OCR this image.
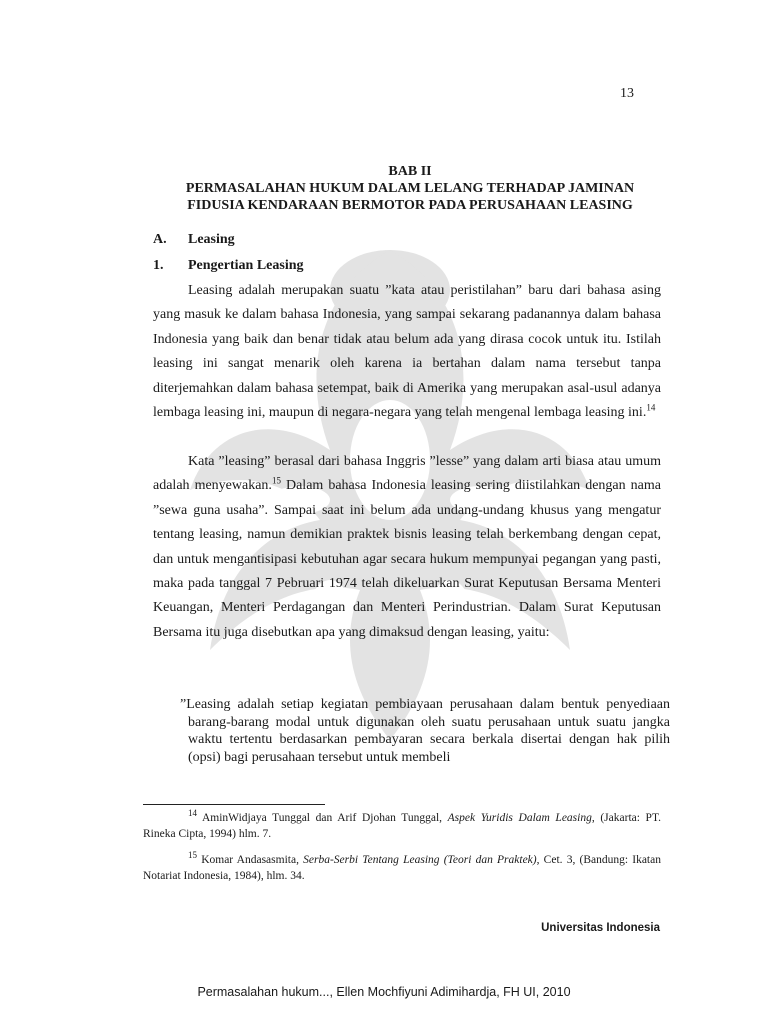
13
BAB II
PERMASALAHAN HUKUM DALAM LELANG TERHADAP JAMINAN
FIDUSIA KENDARAAN BERMOTOR PADA PERUSAHAAN LEASING
A. Leasing
1. Pengertian Leasing

Leasing adalah merupakan suatu ”kata atau peristilahan” baru dari bahasa asing yang masuk ke dalam bahasa Indonesia, yang sampai sekarang padanannya dalam bahasa Indonesia yang baik dan benar tidak atau belum ada yang dirasa cocok untuk itu. Istilah leasing ini sangat menarik oleh karena ia bertahan dalam nama tersebut tanpa diterjemahkan dalam bahasa setempat, baik di Amerika yang merupakan asal-usul adanya lembaga leasing ini, maupun di negara-negara yang telah mengenal lembaga leasing ini.$^{14}$

Kata ”leasing” berasal dari bahasa Inggris ”lesse” yang dalam arti biasa atau umum adalah menyewakan.$^{15}$ Dalam bahasa Indonesia leasing sering diistilahkan dengan nama ”sewa guna usaha”. Sampai saat ini belum ada undang-undang khusus yang mengatur tentang leasing, namun demikian praktek bisnis leasing telah berkembang dengan cepat, dan untuk mengantisipasi kebutuhan agar secara hukum mempunyai pegangan yang pasti, maka pada tanggal 7 Pebruari 1974 telah dikeluarkan Surat Keputusan Bersama Menteri Keuangan, Menteri Perdagangan dan Menteri Perindustrian. Dalam Surat Keputusan Bersama itu juga disebutkan apa yang dimaksud dengan leasing, yaitu:

”Leasing adalah setiap kegiatan pembiayaan perusahaan dalam bentuk penyediaan barang-barang modal untuk digunakan oleh suatu perusahaan untuk suatu jangka waktu tertentu berdasarkan pembayaran secara berkala disertai dengan hak pilih (opsi) bagi perusahaan tersebut untuk membeli

$^{14}$ AminWidjaya Tunggal dan Arif Djohan Tunggal, Aspek Yuridis Dalam Leasing, (Jakarta: PT. Rineka Cipta, 1994) hlm. 7.

$^{15}$ Komar Andasasmita, Serba-Serbi Tentang Leasing (Teori dan Praktek), Cet. 3, (Bandung: Ikatan Notariat Indonesia, 1984), hlm. 34.

Universitas Indonesia
Permasalahan hukum..., Ellen Mochfiyuni Adimihardja, FH UI, 2010
